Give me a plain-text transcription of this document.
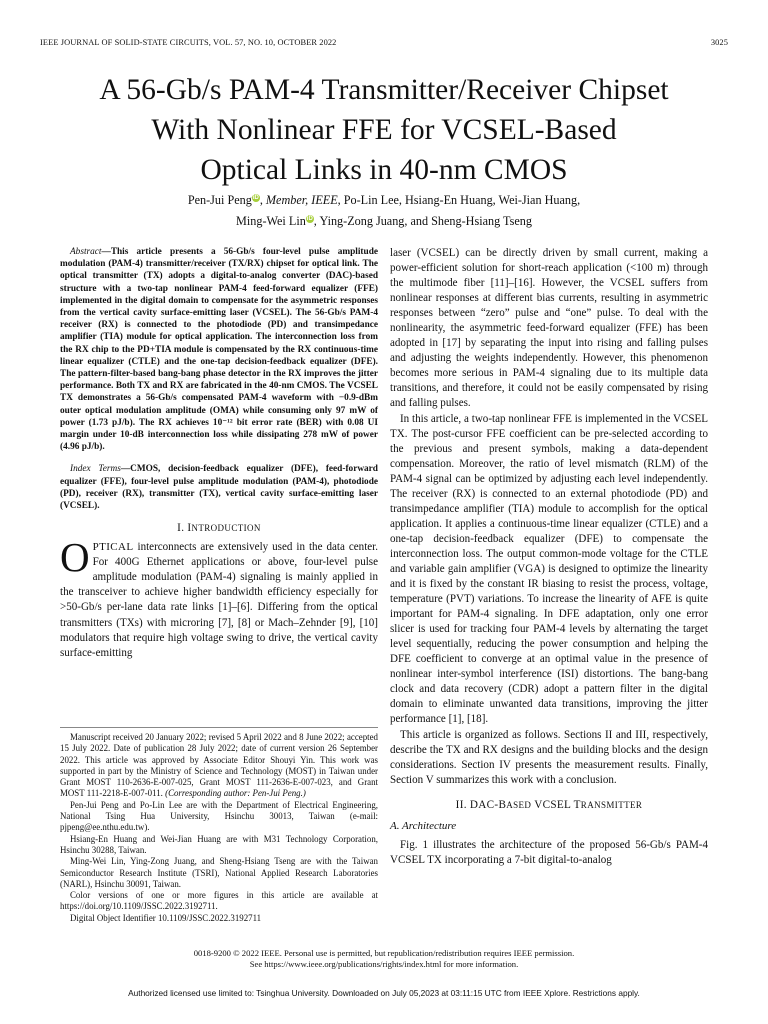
IEEE JOURNAL OF SOLID-STATE CIRCUITS, VOL. 57, NO. 10, OCTOBER 2022	3025
A 56-Gb/s PAM-4 Transmitter/Receiver Chipset
With Nonlinear FFE for VCSEL-Based
Optical Links in 40-nm CMOS
Pen-Jui PengiD, Member, IEEE, Po-Lin Lee, Hsiang-En Huang, Wei-Jian Huang,
Ming-Wei LiniD, Ying-Zong Juang, and Sheng-Hsiang Tseng
Abstract—This article presents a 56-Gb/s four-level pulse amplitude modulation (PAM-4) transmitter/receiver (TX/RX) chipset for optical link. The optical transmitter (TX) adopts a digital-to-analog converter (DAC)-based structure with a two-tap nonlinear PAM-4 feed-forward equalizer (FFE) implemented in the digital domain to compensate for the asymmetric responses from the vertical cavity surface-emitting laser (VCSEL). The 56-Gb/s PAM-4 receiver (RX) is connected to the photodiode (PD) and transimpedance amplifier (TIA) module for optical application. The interconnection loss from the RX chip to the PD+TIA module is compensated by the RX continuous-time linear equalizer (CTLE) and the one-tap decision-feedback equalizer (DFE). The pattern-filter-based bang-bang phase detector in the RX improves the jitter performance. Both TX and RX are fabricated in the 40-nm CMOS. The VCSEL TX demonstrates a 56-Gb/s compensated PAM-4 waveform with −0.9-dBm outer optical modulation amplitude (OMA) while consuming only 97 mW of power (1.73 pJ/b). The RX achieves 10⁻¹² bit error rate (BER) with 0.08 UI margin under 10-dB interconnection loss while dissipating 278 mW of power (4.96 pJ/b).
Index Terms—CMOS, decision-feedback equalizer (DFE), feed-forward equalizer (FFE), four-level pulse amplitude modulation (PAM-4), photodiode (PD), receiver (RX), transmitter (TX), vertical cavity surface-emitting laser (VCSEL).
I. INTRODUCTION

OPTICAL interconnects are extensively used in the data center. For 400G Ethernet applications or above, four-level pulse amplitude modulation (PAM-4) signaling is mainly applied in the transceiver to achieve higher bandwidth efficiency especially for >50-Gb/s per-lane data rate links [1]–[6]. Differing from the optical transmitters (TXs) with microring [7], [8] or Mach–Zehnder [9], [10] modulators that require high voltage swing to drive, the vertical cavity surface-emitting

Manuscript received 20 January 2022; revised 5 April 2022 and 8 June 2022; accepted 15 July 2022. Date of publication 28 July 2022; date of current version 26 September 2022. This article was approved by Associate Editor Shouyi Yin. This work was supported in part by the Ministry of Science and Technology (MOST) in Taiwan under Grant MOST 110-2636-E-007-025, Grant MOST 111-2636-E-007-023, and Grant MOST 111-2218-E-007-011. (Corresponding author: Pen-Jui Peng.)

Pen-Jui Peng and Po-Lin Lee are with the Department of Electrical Engineering, National Tsing Hua University, Hsinchu 30013, Taiwan (e-mail: pjpeng@ee.nthu.edu.tw).

Hsiang-En Huang and Wei-Jian Huang are with M31 Technology Corporation, Hsinchu 30288, Taiwan.

Ming-Wei Lin, Ying-Zong Juang, and Sheng-Hsiang Tseng are with the Taiwan Semiconductor Research Institute (TSRI), National Applied Research Laboratories (NARL), Hsinchu 30091, Taiwan.

Color versions of one or more figures in this article are available at https://doi.org/10.1109/JSSC.2022.3192711.

Digital Object Identifier 10.1109/JSSC.2022.3192711

laser (VCSEL) can be directly driven by small current, making a power-efficient solution for short-reach application (<100 m) through the multimode fiber [11]–[16]. However, the VCSEL suffers from nonlinear responses at different bias currents, resulting in asymmetric responses between “zero” pulse and “one” pulse. To deal with the nonlinearity, the asymmetric feed-forward equalizer (FFE) has been adopted in [17] by separating the input into rising and falling pulses and adjusting the weights independently. However, this phenomenon becomes more serious in PAM-4 signaling due to its multiple data transitions, and therefore, it could not be easily compensated by rising and falling pulses.

In this article, a two-tap nonlinear FFE is implemented in the VCSEL TX. The post-cursor FFE coefficient can be pre-selected according to the previous and present symbols, making a data-dependent compensation. Moreover, the ratio of level mismatch (RLM) of the PAM-4 signal can be optimized by adjusting each level independently. The receiver (RX) is connected to an external photodiode (PD) and transimpedance amplifier (TIA) module to accomplish for the optical application. It applies a continuous-time linear equalizer (CTLE) and a one-tap decision-feedback equalizer (DFE) to compensate the interconnection loss. The output common-mode voltage for the CTLE and variable gain amplifier (VGA) is designed to optimize the linearity and it is fixed by the constant IR biasing to resist the process, voltage, temperature (PVT) variations. To increase the linearity of AFE is quite important for PAM-4 signaling. In DFE adaptation, only one error slicer is used for tracking four PAM-4 levels by alternating the target level sequentially, reducing the power consumption and helping the DFE coefficient to converge at an optimal value in the presence of nonlinear inter-symbol interference (ISI) distortions. The bang-bang clock and data recovery (CDR) adopt a pattern filter in the digital domain to eliminate unwanted data transitions, improving the jitter performance [1], [18].

This article is organized as follows. Sections II and III, respectively, describe the TX and RX designs and the building blocks and the design considerations. Section IV presents the measurement results. Finally, Section V summarizes this work with a conclusion.

II. DAC-BASED VCSEL TRANSMITTER
A. Architecture

Fig. 1 illustrates the architecture of the proposed 56-Gb/s PAM-4 VCSEL TX incorporating a 7-bit digital-to-analog

0018-9200 © 2022 IEEE. Personal use is permitted, but republication/redistribution requires IEEE permission.
See https://www.ieee.org/publications/rights/index.html for more information.
Authorized licensed use limited to: Tsinghua University. Downloaded on July 05,2023 at 03:11:15 UTC from IEEE Xplore. Restrictions apply.
